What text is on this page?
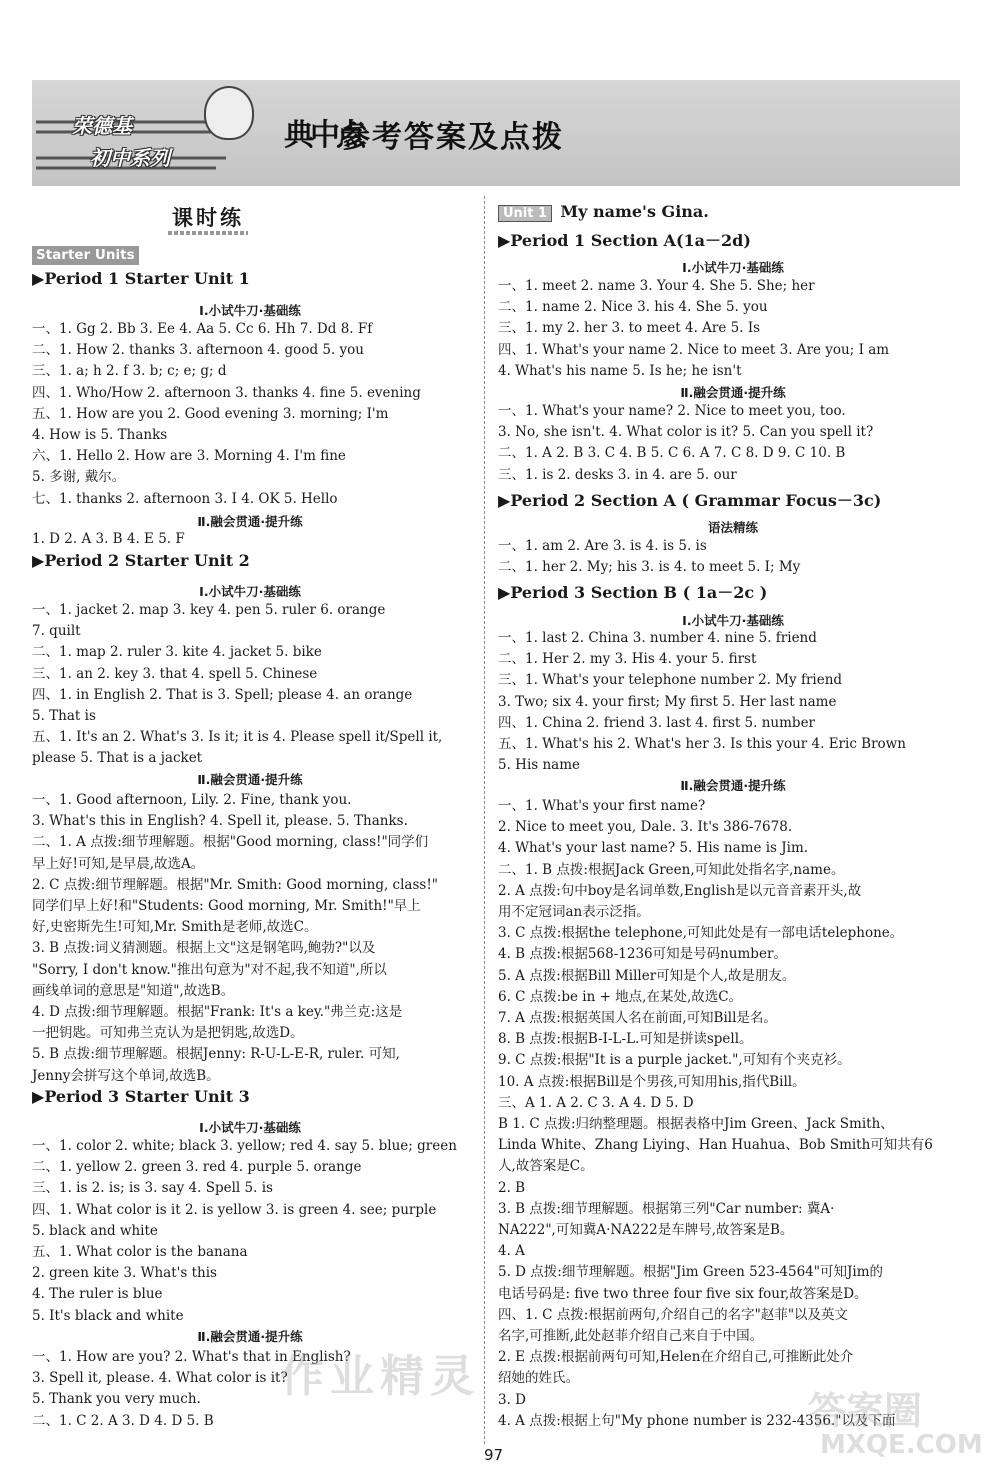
荣德基
初中系列
典中点
参考答案及点拨
课时练
Starter Units
▶Period 1 Starter Unit 1
Ⅰ.小试牛刀·基础练
一、1. Gg 2. Bb 3. Ee 4. Aa 5. Cc 6. Hh 7. Dd 8. Ff
二、1. How 2. thanks 3. afternoon 4. good 5. you
三、1. a; h 2. f 3. b; c; e; g; d
四、1. Who/How 2. afternoon 3. thanks 4. fine 5. evening
五、1. How are you 2. Good evening 3. morning; I'm
4. How is 5. Thanks
六、1. Hello 2. How are 3. Morning 4. I'm fine
5. 多谢, 戴尔。
七、1. thanks 2. afternoon 3. I 4. OK 5. Hello
Ⅱ.融会贯通·提升练
1. D 2. A 3. B 4. E 5. F
▶Period 2 Starter Unit 2
Ⅰ.小试牛刀·基础练
一、1. jacket 2. map 3. key 4. pen 5. ruler 6. orange
7. quilt
二、1. map 2. ruler 3. kite 4. jacket 5. bike
三、1. an 2. key 3. that 4. spell 5. Chinese
四、1. in English 2. That is 3. Spell; please 4. an orange
5. That is
五、1. It's an 2. What's 3. Is it; it is 4. Please spell it/Spell it,
please 5. That is a jacket
Ⅱ.融会贯通·提升练
一、1. Good afternoon, Lily. 2. Fine, thank you.
3. What's this in English? 4. Spell it, please. 5. Thanks.
二、1. A 点拨:细节理解题。根据"Good morning, class!"同学们
早上好!可知,是早晨,故选A。
2. C 点拨:细节理解题。根据"Mr. Smith: Good morning, class!"
同学们早上好!和"Students: Good morning, Mr. Smith!"早上
好,史密斯先生!可知,Mr. Smith是老师,故选C。
3. B 点拨:词义猜测题。根据上文"这是钢笔吗,鲍勃?"以及
"Sorry, I don't know."推出句意为"对不起,我不知道",所以
画线单词的意思是"知道",故选B。
4. D 点拨:细节理解题。根据"Frank: It's a key."弗兰克:这是
一把钥匙。可知弗兰克认为是把钥匙,故选D。
5. B 点拨:细节理解题。根据Jenny: R-U-L-E-R, ruler. 可知,
Jenny会拼写这个单词,故选B。
▶Period 3 Starter Unit 3
Ⅰ.小试牛刀·基础练
一、1. color 2. white; black 3. yellow; red 4. say 5. blue; green
二、1. yellow 2. green 3. red 4. purple 5. orange
三、1. is 2. is; is 3. say 4. Spell 5. is
四、1. What color is it 2. is yellow 3. is green 4. see; purple
5. black and white
五、1. What color is the banana
2. green kite 3. What's this
4. The ruler is blue
5. It's black and white
Ⅱ.融会贯通·提升练
一、1. How are you? 2. What's that in English?
3. Spell it, please. 4. What color is it?
5. Thank you very much.
二、1. C 2. A 3. D 4. D 5. B
Unit 1 My name's Gina.
▶Period 1 Section A(1a－2d)
Ⅰ.小试牛刀·基础练
一、1. meet 2. name 3. Your 4. She 5. She; her
二、1. name 2. Nice 3. his 4. She 5. you
三、1. my 2. her 3. to meet 4. Are 5. Is
四、1. What's your name 2. Nice to meet 3. Are you; I am
4. What's his name 5. Is he; he isn't
Ⅱ.融会贯通·提升练
一、1. What's your name? 2. Nice to meet you, too.
3. No, she isn't. 4. What color is it? 5. Can you spell it?
二、1. A 2. B 3. C 4. B 5. C 6. A 7. C 8. D 9. C 10. B
三、1. is 2. desks 3. in 4. are 5. our
▶Period 2 Section A ( Grammar Focus－3c)
语法精练
一、1. am 2. Are 3. is 4. is 5. is
二、1. her 2. My; his 3. is 4. to meet 5. I; My
▶Period 3 Section B ( 1a－2c )
Ⅰ.小试牛刀·基础练
一、1. last 2. China 3. number 4. nine 5. friend
二、1. Her 2. my 3. His 4. your 5. first
三、1. What's your telephone number 2. My friend
3. Two; six 4. your first; My first 5. Her last name
四、1. China 2. friend 3. last 4. first 5. number
五、1. What's his 2. What's her 3. Is this your 4. Eric Brown
5. His name
Ⅱ.融会贯通·提升练
一、1. What's your first name?
2. Nice to meet you, Dale. 3. It's 386-7678.
4. What's your last name? 5. His name is Jim.
二、1. B 点拨:根据Jack Green,可知此处指名字,name。
2. A 点拨:句中boy是名词单数,English是以元音音素开头,故
用不定冠词an表示泛指。
3. C 点拨:根据the telephone,可知此处是有一部电话telephone。
4. B 点拨:根据568-1236可知是号码number。
5. A 点拨:根据Bill Miller可知是个人,故是朋友。
6. C 点拨:be in + 地点,在某处,故选C。
7. A 点拨:根据英国人名在前面,可知Bill是名。
8. B 点拨:根据B-I-L-L.可知是拼读spell。
9. C 点拨:根据"It is a purple jacket.",可知有个夹克衫。
10. A 点拨:根据Bill是个男孩,可知用his,指代Bill。
三、A 1. A 2. C 3. A 4. D 5. D
B 1. C 点拨:归纳整理题。根据表格中Jim Green、Jack Smith、
Linda White、Zhang Liying、Han Huahua、Bob Smith可知共有6
人,故答案是C。
2. B
3. B 点拨:细节理解题。根据第三列"Car number: 冀A·
NA222",可知冀A·NA222是车牌号,故答案是B。
4. A
5. D 点拨:细节理解题。根据"Jim Green 523-4564"可知Jim的
电话号码是: five two three four five six four,故答案是D。
四、1. C 点拨:根据前两句,介绍自己的名字"赵菲"以及英文
名字,可推断,此处赵菲介绍自己来自于中国。
2. E 点拨:根据前两句可知,Helen在介绍自己,可推断此处介
绍她的姓氏。
3. D
4. A 点拨:根据上句"My phone number is 232-4356."以及下面
作业精灵
答案圈
MXQE.COM
97
